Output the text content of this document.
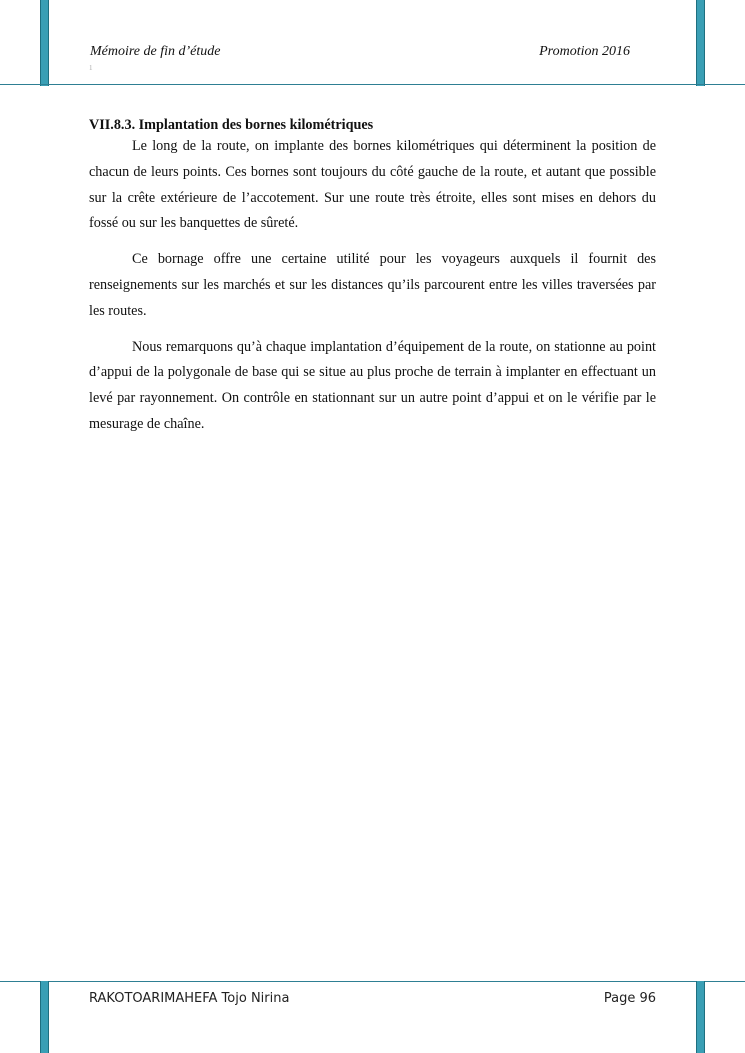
Mémoire de fin d’étude	Promotion 2016
1

VII.8.3. Implantation des bornes kilométriques

Le long de la route, on implante des bornes kilométriques qui déterminent la position de chacun de leurs points. Ces bornes sont toujours du côté gauche de la route, et autant que possible sur la crête extérieure de l’accotement. Sur une route très étroite, elles sont mises en dehors du fossé ou sur les banquettes de sûreté.

Ce bornage offre une certaine utilité pour les voyageurs auxquels il fournit des renseignements sur les marchés et sur les distances qu’ils parcourent entre les villes traversées par les routes.

Nous remarquons qu’à chaque implantation d’équipement de la route, on stationne au point d’appui de la polygonale de base qui se situe au plus proche de terrain à implanter en effectuant un levé par rayonnement. On contrôle en stationnant sur un autre point d’appui et on le vérifie par le mesurage de chaîne.

RAKOTOARIMAHEFA Tojo Nirina	Page 96
